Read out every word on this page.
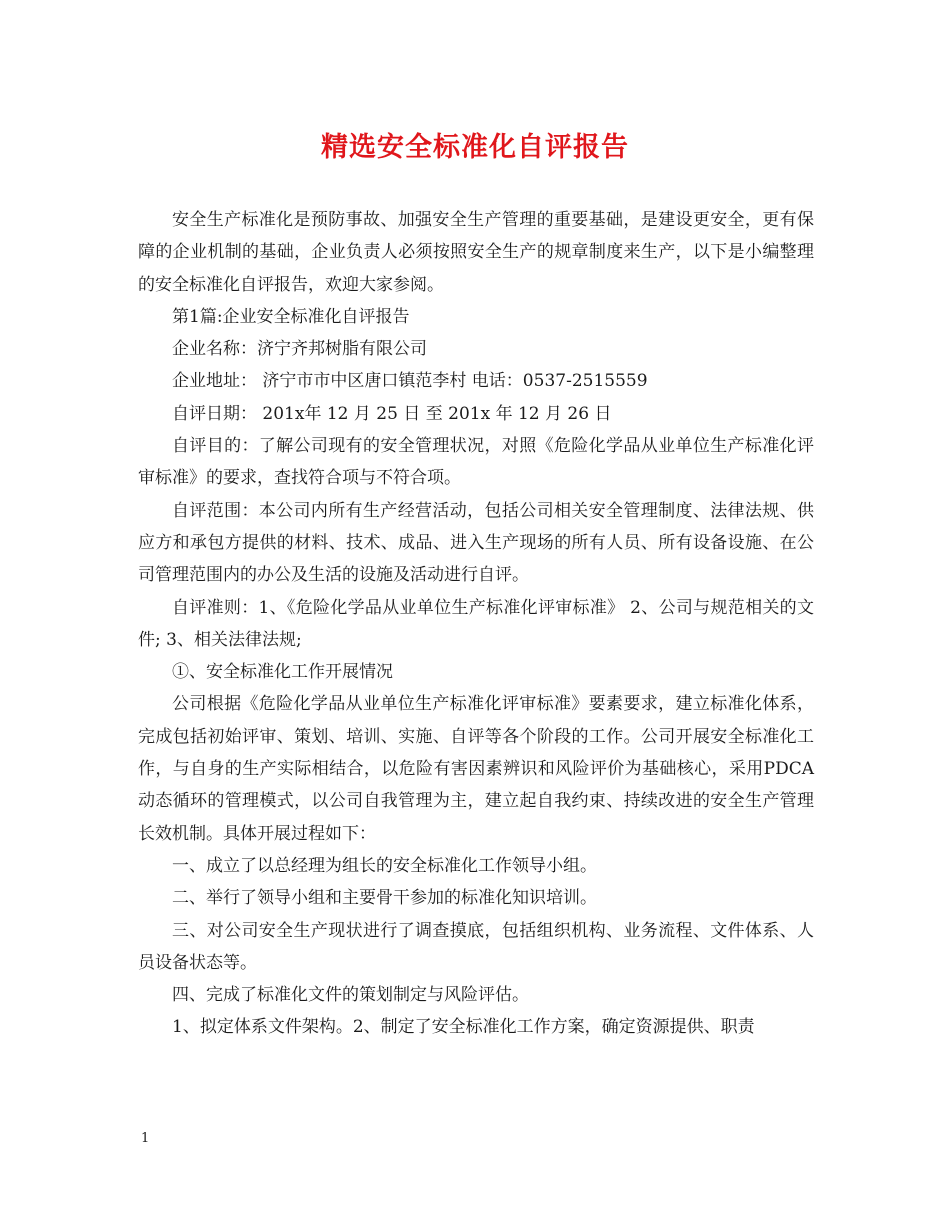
精选安全标准化自评报告

安全生产标准化是预防事故、加强安全生产管理的重要基础，是建设更安全，更有保障的企业机制的基础，企业负责人必须按照安全生产的规章制度来生产，以下是小编整理的安全标准化自评报告，欢迎大家参阅。

第1篇:企业安全标准化自评报告

企业名称：济宁齐邦树脂有限公司

企业地址： 济宁市市中区唐口镇范李村 电话：0537-2515559

自评日期： 201x年 12 月 25 日 至 201x 年 12 月 26 日

自评目的：了解公司现有的安全管理状况，对照《危险化学品从业单位生产标准化评审标准》的要求，查找符合项与不符合项。

自评范围：本公司内所有生产经营活动，包括公司相关安全管理制度、法律法规、供应方和承包方提供的材料、技术、成品、进入生产现场的所有人员、所有设备设施、在公司管理范围内的办公及生活的设施及活动进行自评。

自评准则：1、《危险化学品从业单位生产标准化评审标准》 2、公司与规范相关的文件; 3、相关法律法规;

①、安全标准化工作开展情况

公司根据《危险化学品从业单位生产标准化评审标准》要素要求，建立标准化体系，完成包括初始评审、策划、培训、实施、自评等各个阶段的工作。公司开展安全标准化工作，与自身的生产实际相结合，以危险有害因素辨识和风险评价为基础核心，采用PDCA动态循环的管理模式，以公司自我管理为主，建立起自我约束、持续改进的安全生产管理长效机制。具体开展过程如下：

一、成立了以总经理为组长的安全标准化工作领导小组。

二、举行了领导小组和主要骨干参加的标准化知识培训。

三、对公司安全生产现状进行了调查摸底，包括组织机构、业务流程、文件体系、人员设备状态等。

四、完成了标准化文件的策划制定与风险评估。

1、拟定体系文件架构。2、制定了安全标准化工作方案，确定资源提供、职责

1
